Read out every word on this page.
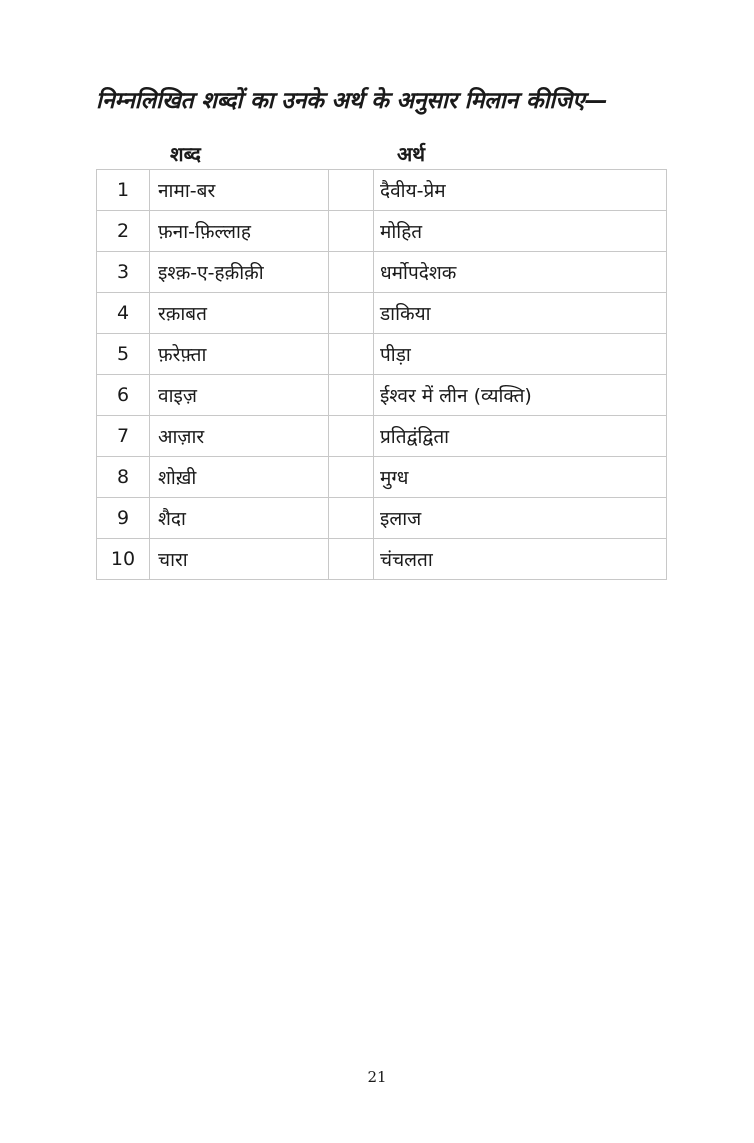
निम्नलिखित शब्दों का उनके अर्थ के अनुसार मिलान कीजिए—
शब्द	अर्थ
1	नामा-बर		दैवीय-प्रेम
2	फ़ना-फ़िल्लाह		मोहित
3	इश्क़-ए-हक़ीक़ी		धर्मोपदेशक
4	रक़ाबत		डाकिया
5	फ़रेफ़्ता		पीड़ा
6	वाइज़		ईश्वर में लीन (व्यक्ति)
7	आज़ार		प्रतिद्वंद्विता
8	शोख़ी		मुग्ध
9	शैदा		इलाज
10	चारा		चंचलता
21
